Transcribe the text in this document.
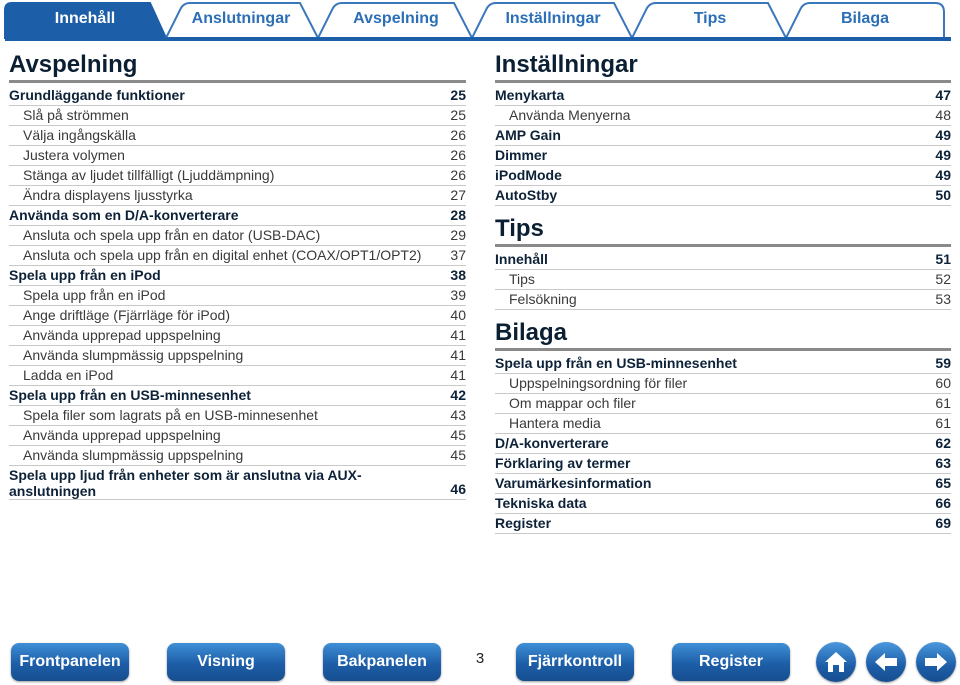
Innehåll	Anslutningar	Avspelning	Inställningar	Tips	Bilaga
Avspelning
Grundläggande funktioner	25
Slå på strömmen	25
Välja ingångskälla	26
Justera volymen	26
Stänga av ljudet tillfälligt (Ljuddämpning)	26
Ändra displayens ljusstyrka	27
Använda som en D/A-konverterare	28
Ansluta och spela upp från en dator (USB-DAC)	29
Ansluta och spela upp från en digital enhet (COAX/OPT1/OPT2)	37
Spela upp från en iPod	38
Spela upp från en iPod	39
Ange driftläge (Fjärrläge för iPod)	40
Använda upprepad uppspelning	41
Använda slumpmässig uppspelning	41
Ladda en iPod	41
Spela upp från en USB-minnesenhet	42
Spela filer som lagrats på en USB-minnesenhet	43
Använda upprepad uppspelning	45
Använda slumpmässig uppspelning	45
Spela upp ljud från enheter som är anslutna via AUX-anslutningen	46
Inställningar
Menykarta	47
Använda Menyerna	48
AMP Gain	49
Dimmer	49
iPodMode	49
AutoStby	50
Tips
Innehåll	51
Tips	52
Felsökning	53
Bilaga
Spela upp från en USB-minnesenhet	59
Uppspelningsordning för filer	60
Om mappar och filer	61
Hantera media	61
D/A-konverterare	62
Förklaring av termer	63
Varumärkesinformation	65
Tekniska data	66
Register	69
Frontpanelen	Visning	Bakpanelen	3	Fjärrkontroll	Register
